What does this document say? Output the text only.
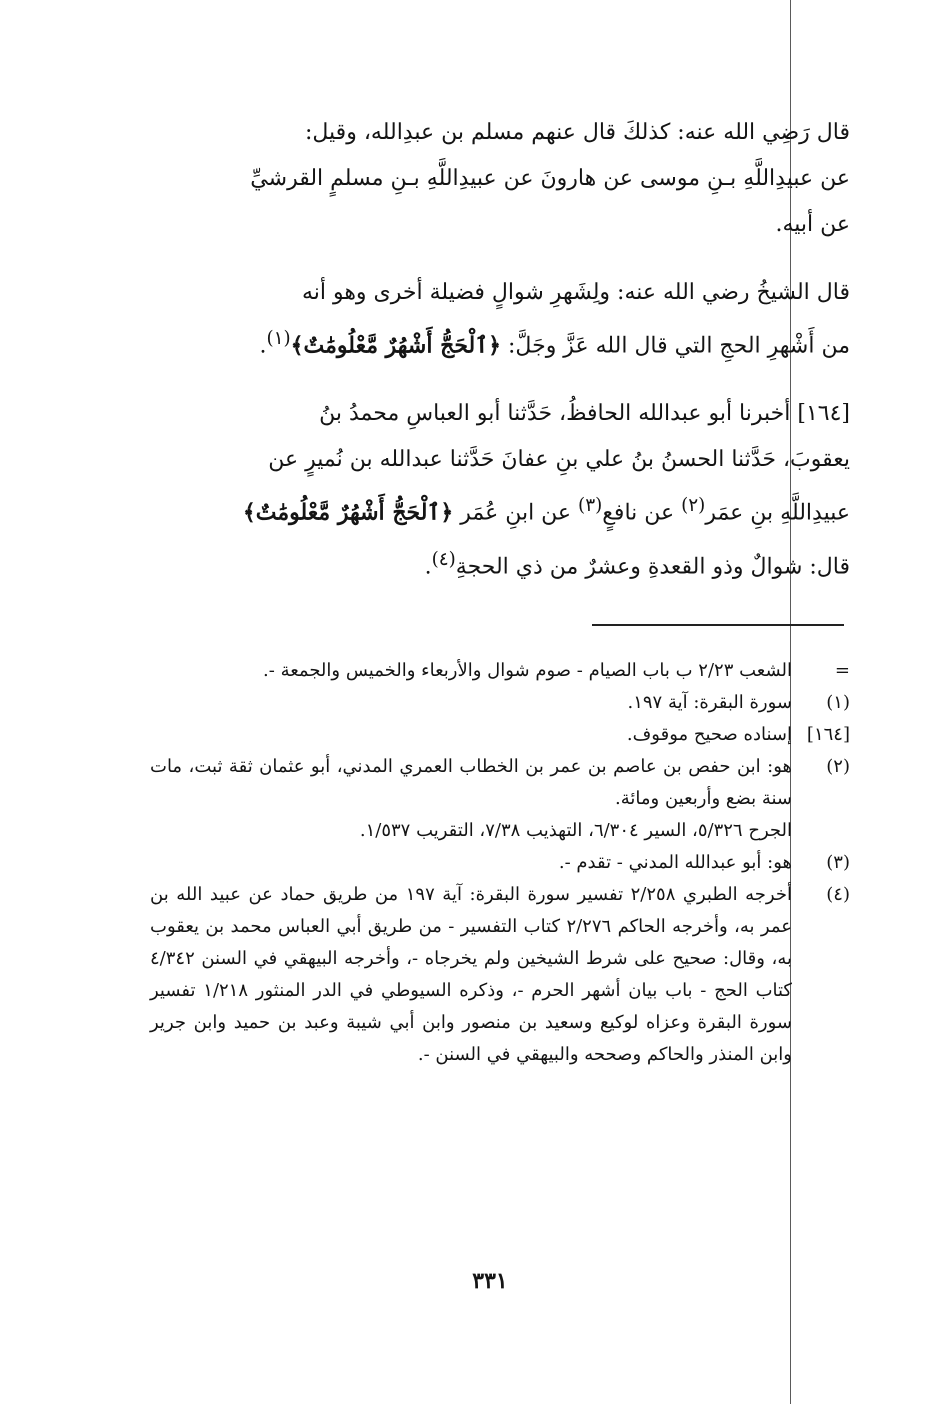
قال رَضِي الله عنه: كذلكَ قال عنهم مسلم بن عبدِالله، وقيل:

عن عبيدِاللَّهِ بـنِ موسى عن هارونَ عن عبيدِاللَّهِ بـنِ مسلمٍ القرشيِّ

عن أبيه.

قال الشيخُ رضي الله عنه: ولِشَهرِ شوالٍ فضيلة أخرى وهو أنه

من أَشْهرِ الحجِ التي قال الله عَزَّ وجَلَّ: ﴿ٱلْحَجُّ أَشْهُرٌ مَّعْلُومَٰتٌ﴾$^{(١)}$.

[١٦٤] أخبرنا أبو عبدالله الحافظُ، حَدَّثنا أبو العباسِ محمدُ بنُ

يعقوبَ، حَدَّثنا الحسنُ بنُ علي بنِ عفانَ حَدَّثنا عبدالله بن نُميرٍ عن

عبيدِاللَّهِ بنِ عمَر$^{(٢)}$ عن نافعٍ$^{(٣)}$ عن ابنِ عُمَر ﴿ٱلْحَجُّ أَشْهُرٌ مَّعْلُومَٰتٌ﴾

قال: شوالٌ وذو القعدةِ وعشرٌ من ذي الحجةِ$^{(٤)}$.

=
الشعب ٢/٢٣ ب باب الصيام - صوم شوال والأربعاء والخميس والجمعة -.
(١)
سورة البقرة: آية ١٩٧.
[١٦٤]
إسناده صحيح موقوف.
(٢)

هو: ابن حفص بن عاصم بن عمر بن الخطاب العمري المدني، أبو عثمان ثقة ثبت، مات سنة بضع وأربعين ومائة.

الجرح ٥/٣٢٦، السير ٦/٣٠٤، التهذيب ٧/٣٨، التقريب ١/٥٣٧.

(٣)
هو: أبو عبدالله المدني - تقدم -.
(٤)
أخرجه الطبري ٢/٢٥٨ تفسير سورة البقرة: آية ١٩٧ من طريق حماد عن عبيد الله بن عمر به، وأخرجه الحاكم ٢/٢٧٦ كتاب التفسير - من طريق أبي العباس محمد بن يعقوب به، وقال: صحيح على شرط الشيخين ولم يخرجاه -، وأخرجه البيهقي في السنن ٤/٣٤٢ كتاب الحج - باب بيان أشهر الحرم -، وذكره السيوطي في الدر المنثور ١/٢١٨ تفسير سورة البقرة وعزاه لوكيع وسعيد بن منصور وابن أبي شيبة وعبد بن حميد وابن جرير وابن المنذر والحاكم وصححه والبيهقي في السنن -.
٣٣١
